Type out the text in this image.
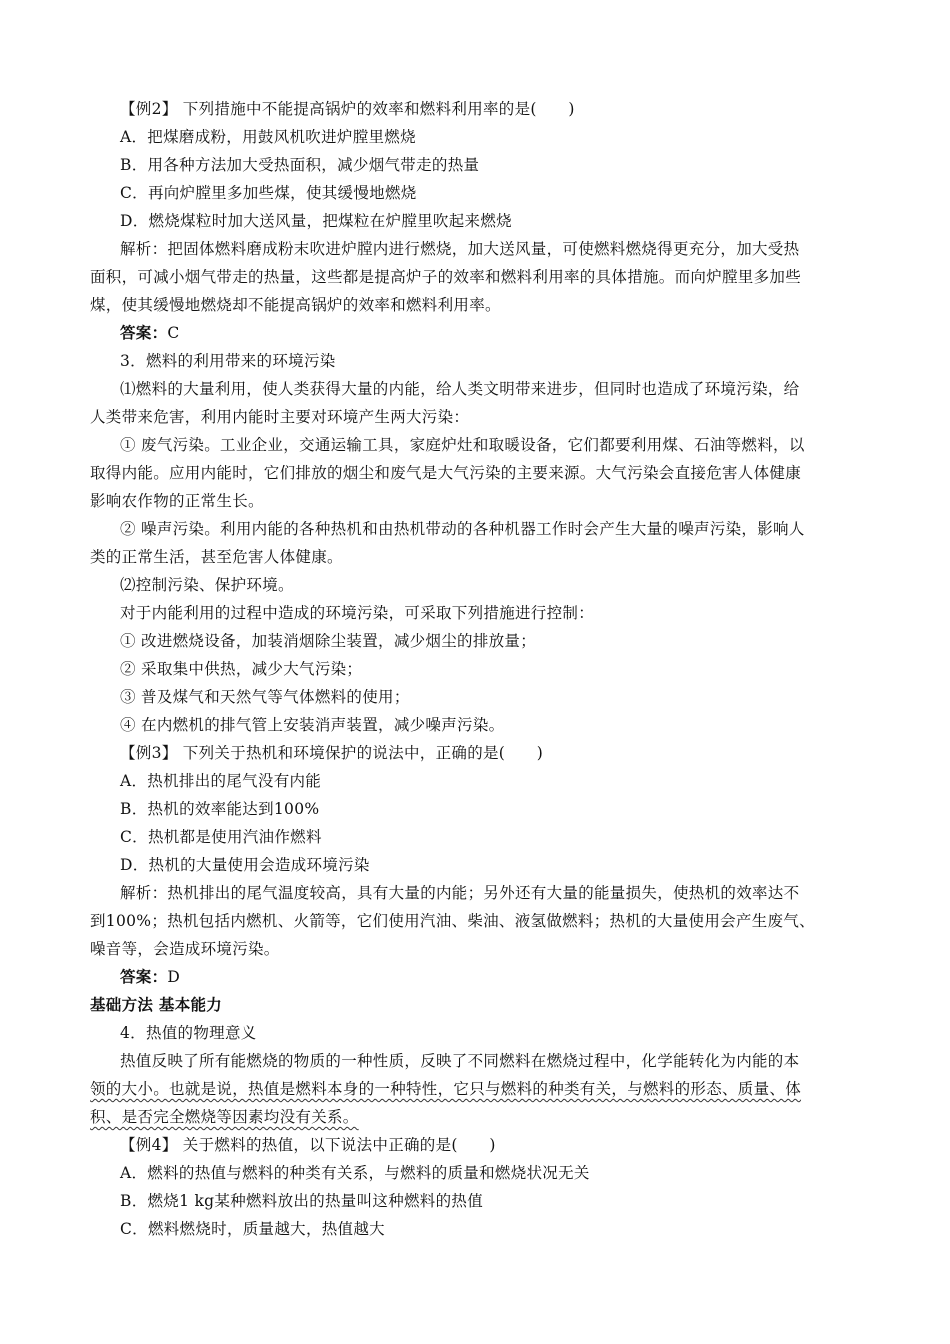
【例2】 下列措施中不能提高锅炉的效率和燃料利用率的是(　　)
A．把煤磨成粉，用鼓风机吹进炉膛里燃烧
B．用各种方法加大受热面积，减少烟气带走的热量
C．再向炉膛里多加些煤，使其缓慢地燃烧
D．燃烧煤粒时加大送风量，把煤粒在炉膛里吹起来燃烧
解析：把固体燃料磨成粉末吹进炉膛内进行燃烧，加大送风量，可使燃料燃烧得更充分，加大受热
面积，可减小烟气带走的热量，这些都是提高炉子的效率和燃料利用率的具体措施。而向炉膛里多加些
煤，使其缓慢地燃烧却不能提高锅炉的效率和燃料利用率。
答案：C
3．燃料的利用带来的环境污染
⑴燃料的大量利用，使人类获得大量的内能，给人类文明带来进步，但同时也造成了环境污染，给
人类带来危害，利用内能时主要对环境产生两大污染：
① 废气污染。工业企业，交通运输工具，家庭炉灶和取暖设备，它们都要利用煤、石油等燃料，以
取得内能。应用内能时，它们排放的烟尘和废气是大气污染的主要来源。大气污染会直接危害人体健康
影响农作物的正常生长。
② 噪声污染。利用内能的各种热机和由热机带动的各种机器工作时会产生大量的噪声污染，影响人
类的正常生活，甚至危害人体健康。
⑵控制污染、保护环境。
对于内能利用的过程中造成的环境污染，可采取下列措施进行控制：
① 改进燃烧设备，加装消烟除尘装置，减少烟尘的排放量；
② 采取集中供热，减少大气污染；
③ 普及煤气和天然气等气体燃料的使用；
④ 在内燃机的排气管上安装消声装置，减少噪声污染。
【例3】 下列关于热机和环境保护的说法中，正确的是(　　)
A．热机排出的尾气没有内能
B．热机的效率能达到100%
C．热机都是使用汽油作燃料
D．热机的大量使用会造成环境污染
解析：热机排出的尾气温度较高，具有大量的内能；另外还有大量的能量损失，使热机的效率达不
到100%；热机包括内燃机、火箭等，它们使用汽油、柴油、液氢做燃料；热机的大量使用会产生废气、
噪音等，会造成环境污染。
答案：D
基础方法 基本能力
4．热值的物理意义
热值反映了所有能燃烧的物质的一种性质，反映了不同燃料在燃烧过程中，化学能转化为内能的本
领的大小。也就是说，热值是燃料本身的一种特性，它只与燃料的种类有关，与燃料的形态、质量、体
积、是否完全燃烧等因素均没有关系。
【例4】 关于燃料的热值，以下说法中正确的是(　　)
A．燃料的热值与燃料的种类有关系，与燃料的质量和燃烧状况无关
B．燃烧1 kg某种燃料放出的热量叫这种燃料的热值
C．燃料燃烧时，质量越大，热值越大
